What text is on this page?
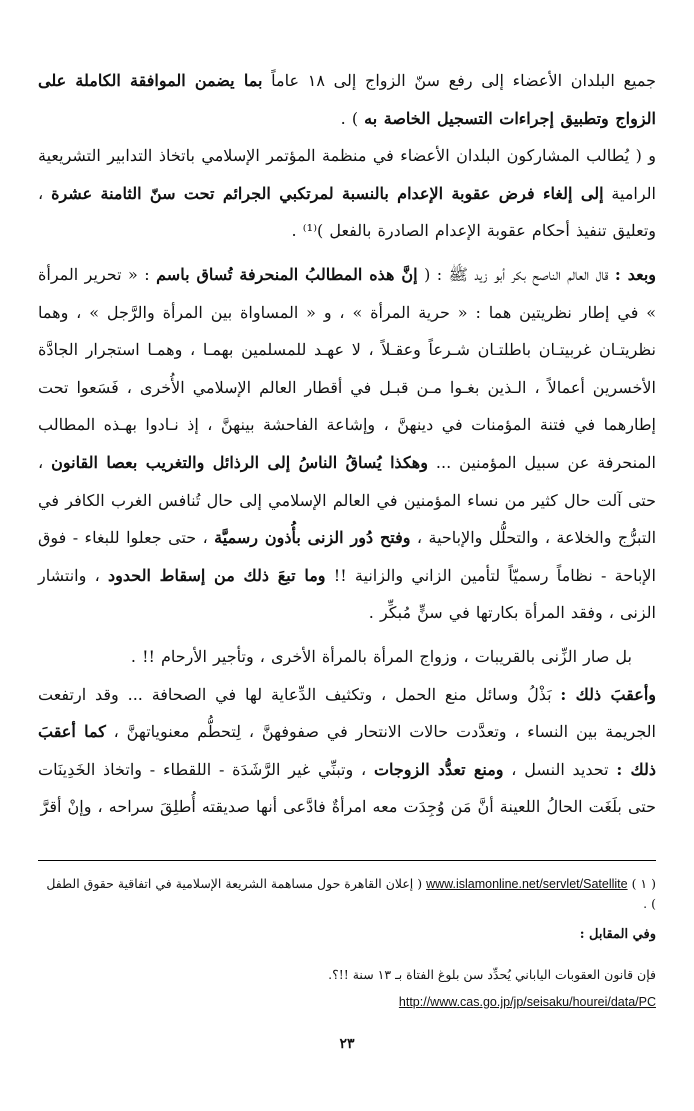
جميع البلدان الأعضاء إلى رفع سنّ الزواج إلى ١٨ عاماً بما يضمن الموافقة الكاملة على الزواج وتطبيق إجراءات التسجيل الخاصة به ) .

و ( يُطالب المشاركون البلدان الأعضاء في منظمة المؤتمر الإسلامي باتخاذ التدابير التشريعية الرامية إلى إلغاء فرض عقوبة الإعدام بالنسبة لمرتكبي الجرائم تحت سنّ الثامنة عشرة ، وتعليق تنفيذ أحكام عقوبة الإعدام الصادرة بالفعل )⁽¹⁾ .

وبعد : قال العالم الناصح بكر أبو زيد ﷺ : ( إنَّ هذه المطالبُ المنحرفة تُساق باسم : « تحرير المرأة » في إطار نظريتين هما : « حرية المرأة » ، و « المساواة بين المرأة والرَّجل » ، وهما نظريتـان غربيتـان باطلتـان شـرعاً وعقـلاً ، لا عهـد للمسلمين بهمـا ، وهمـا استجرار الجادَّة الأخسرين أعمالاً ، الـذين بغـوا مـن قبـل في أقطار العالم الإسلامي الأُخرى ، فَسَعوا تحت إطارهما في فتنة المؤمنات في دينهنَّ ، وإشاعة الفاحشة بينهنَّ ، إذ نـادوا بهـذه المطالب المنحرفة عن سبيل المؤمنين ... وهكذا يُساقُ الناسُ إلى الرذائل والتغريب بعصا القانون ، حتى آلت حال كثير من نساء المؤمنين في العالم الإسلامي إلى حال تُنافس الغرب الكافر في التبرُّج والخلاعة ، والتحلُّل والإباحية ، وفتح دُور الزنى بأُذون رسميَّة ، حتى جعلوا للبغاء - فوق الإباحة - نظاماً رسميّاً لتأمين الزاني والزانية !! وما تبعَ ذلك من إسقاط الحدود ، وانتشار الزنى ، وفقد المرأة بكارتها في سنٍّ مُبكِّر .

بل صار الزِّنى بالقريبات ، وزواج المرأة بالمرأة الأخرى ، وتأجير الأرحام !! .

وأعقبَ ذلك : بَذْلُ وسائل منع الحمل ، وتكثيف الدِّعاية لها في الصحافة ... وقد ارتفعت الجريمة بين النساء ، وتعدَّدت حالات الانتحار في صفوفهنَّ ، لِتحطُّم معنوياتهنَّ ، كما أعقبَ ذلك : تحديد النسل ، ومنع تعدُّد الزوجات ، وتبنِّي غير الرَّشَدَة - اللقطاء - واتخاذ الخَدِينَات حتى بلَغَت الحالُ اللعينة أنَّ مَن وُجِدَت معه امرأةٌ فادَّعى أنها صديقته أُطلِقَ سراحه ، وإنْ أقرَّ

( ١ ) www.islamonline.net/servlet/Satellite ( إعلان القاهرة حول مساهمة الشريعة الإسلامية في اتفاقية حقوق الطفل ) .
وفي المقابل :
فإن قانون العقوبات الياباني يُحدِّد سن بلوغ الفتاة بـ ١٣ سنة !!؟.
http://www.cas.go.jp/jp/seisaku/hourei/data/PC
٢٣
